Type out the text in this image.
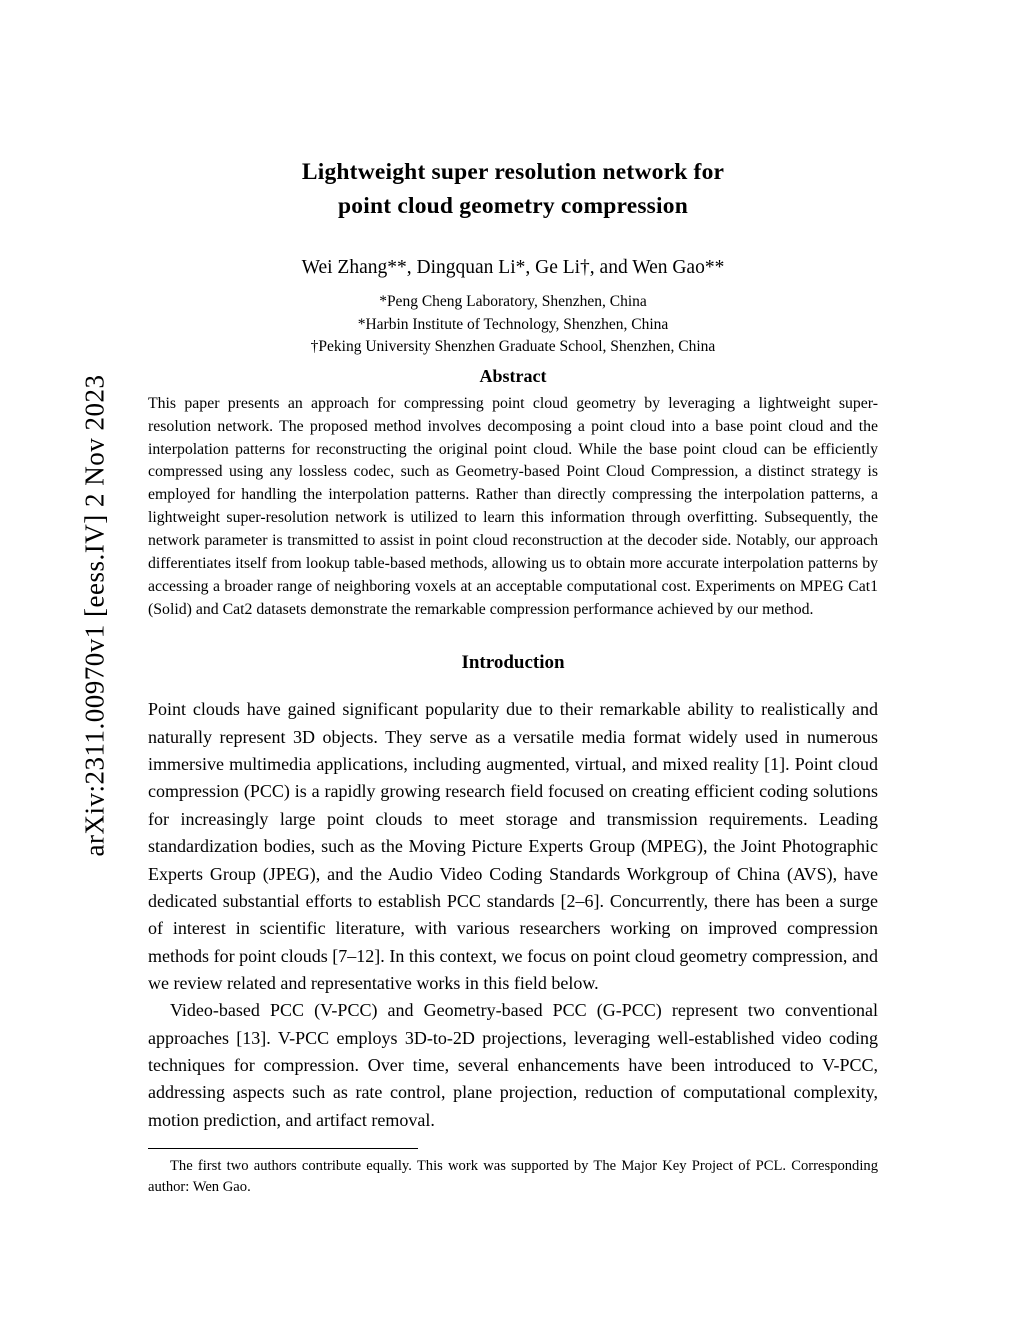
arXiv:2311.00970v1 [eess.IV] 2 Nov 2023
Lightweight super resolution network for
point cloud geometry compression
Wei Zhang**, Dingquan Li*, Ge Li†, and Wen Gao**
*Peng Cheng Laboratory, Shenzhen, China
*Harbin Institute of Technology, Shenzhen, China
†Peking University Shenzhen Graduate School, Shenzhen, China
Abstract

This paper presents an approach for compressing point cloud geometry by leveraging a lightweight super-resolution network. The proposed method involves decomposing a point cloud into a base point cloud and the interpolation patterns for reconstructing the original point cloud. While the base point cloud can be efficiently compressed using any lossless codec, such as Geometry-based Point Cloud Compression, a distinct strategy is employed for handling the interpolation patterns. Rather than directly compressing the interpolation patterns, a lightweight super-resolution network is utilized to learn this information through overfitting. Subsequently, the network parameter is transmitted to assist in point cloud reconstruction at the decoder side. Notably, our approach differentiates itself from lookup table-based methods, allowing us to obtain more accurate interpolation patterns by accessing a broader range of neighboring voxels at an acceptable computational cost. Experiments on MPEG Cat1 (Solid) and Cat2 datasets demonstrate the remarkable compression performance achieved by our method.

Introduction

Point clouds have gained significant popularity due to their remarkable ability to realistically and naturally represent 3D objects. They serve as a versatile media format widely used in numerous immersive multimedia applications, including augmented, virtual, and mixed reality [1]. Point cloud compression (PCC) is a rapidly growing research field focused on creating efficient coding solutions for increasingly large point clouds to meet storage and transmission requirements. Leading standardization bodies, such as the Moving Picture Experts Group (MPEG), the Joint Photographic Experts Group (JPEG), and the Audio Video Coding Standards Workgroup of China (AVS), have dedicated substantial efforts to establish PCC standards [2–6]. Concurrently, there has been a surge of interest in scientific literature, with various researchers working on improved compression methods for point clouds [7–12]. In this context, we focus on point cloud geometry compression, and we review related and representative works in this field below.

Video-based PCC (V-PCC) and Geometry-based PCC (G-PCC) represent two conventional approaches [13]. V-PCC employs 3D-to-2D projections, leveraging well-established video coding techniques for compression. Over time, several enhancements have been introduced to V-PCC, addressing aspects such as rate control, plane projection, reduction of computational complexity, motion prediction, and artifact removal.

The first two authors contribute equally. This work was supported by The Major Key Project of PCL. Corresponding author: Wen Gao.
